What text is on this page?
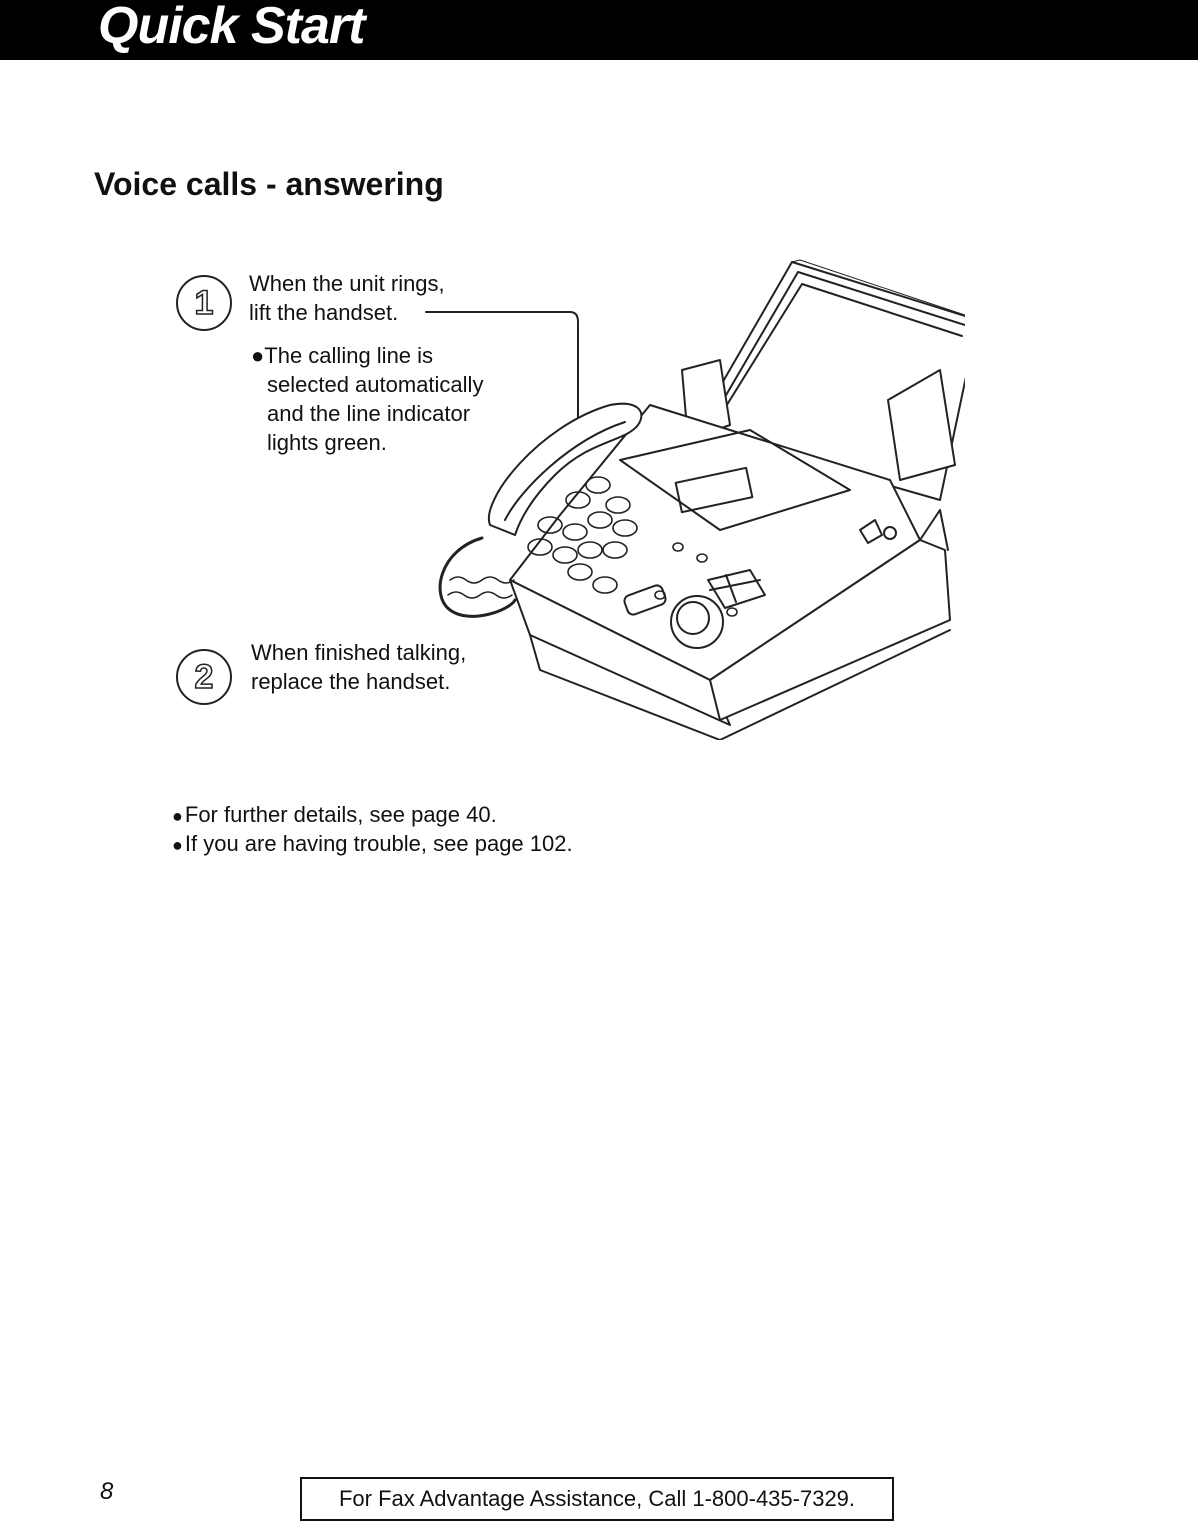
Quick Start
Voice calls - answering
1
When the unit rings,
lift the handset.
●The calling line is
selected automatically
and the line indicator
lights green.
2
When finished talking,
replace the handset.
●For further details, see page 40.
●If you are having trouble, see page 102.
8	For Fax Advantage Assistance, Call 1-800-435-7329.
